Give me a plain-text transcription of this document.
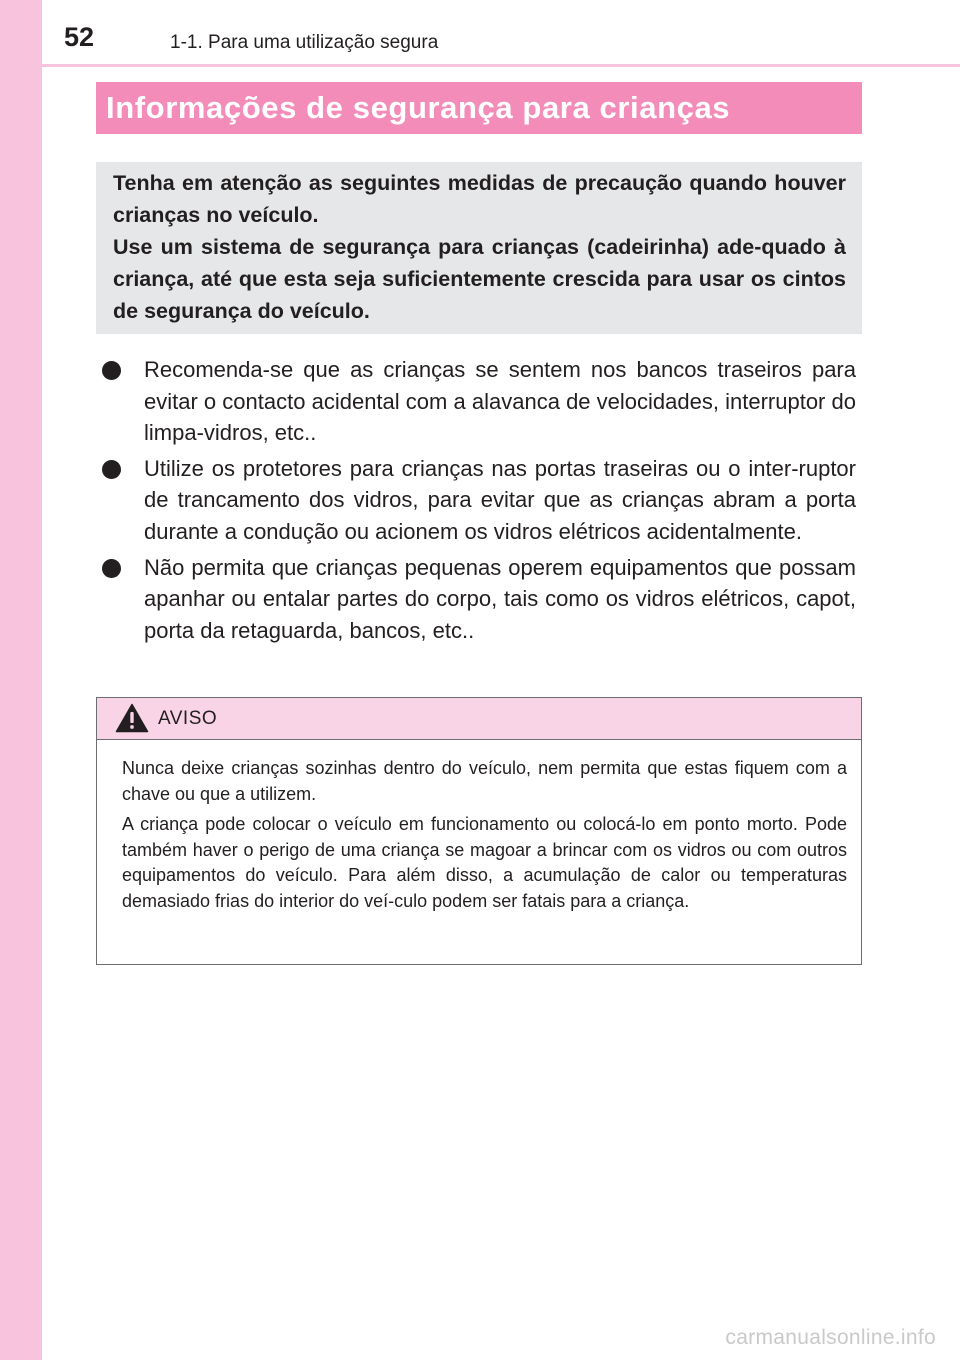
52	1-1. Para uma utilização segura
Informações de segurança para crianças

Tenha em atenção as seguintes medidas de precaução quando houver crianças no veículo.

Use um sistema de segurança para crianças (cadeirinha) ade-quado à criança, até que esta seja suficientemente crescida para usar os cintos de segurança do veículo.

Recomenda-se que as crianças se sentem nos bancos traseiros para evitar o contacto acidental com a alavanca de velocidades, interruptor do limpa-vidros, etc..
Utilize os protetores para crianças nas portas traseiras ou o inter-ruptor de trancamento dos vidros, para evitar que as crianças abram a porta durante a condução ou acionem os vidros elétricos acidentalmente.
Não permita que crianças pequenas operem equipamentos que possam apanhar ou entalar partes do corpo, tais como os vidros elétricos, capot, porta da retaguarda, bancos, etc..
AVISO

Nunca deixe crianças sozinhas dentro do veículo, nem permita que estas fiquem com a chave ou que a utilizem.

A criança pode colocar o veículo em funcionamento ou colocá-lo em ponto morto. Pode também haver o perigo de uma criança se magoar a brincar com os vidros ou com outros equipamentos do veículo. Para além disso, a acumulação de calor ou temperaturas demasiado frias do interior do veí-culo podem ser fatais para a criança.

carmanualsonline.info
